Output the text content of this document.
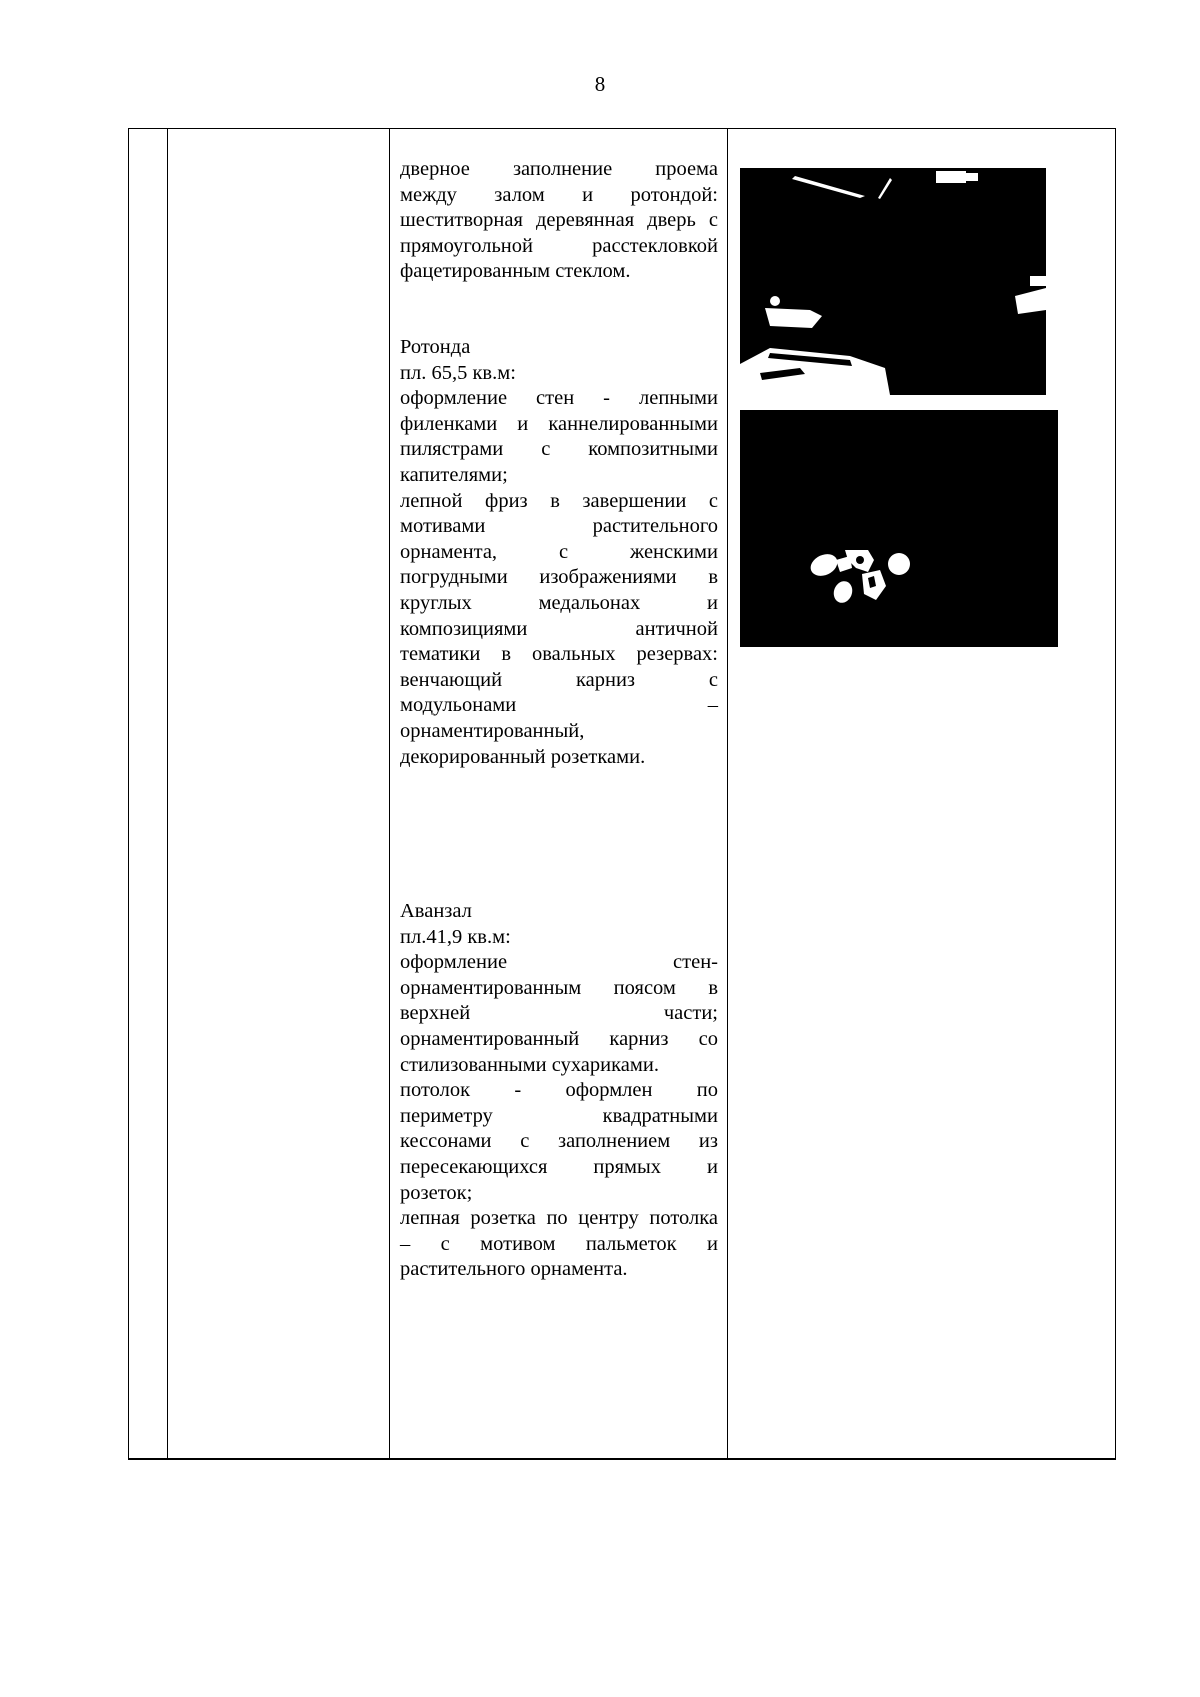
8

дверное заполнение проема

между залом и ротондой:

шеститворная деревянная дверь с

прямоугольной расстекловкой

фацетированным стеклом.

Ротонда

пл. 65,5 кв.м:

оформление стен - лепными

филенками и каннелированными

пилястрами с композитными

капителями;

лепной фриз в завершении с

мотивами растительного

орнамента, с женскими

погрудными изображениями в

круглых медальонах и

композициями античной

тематики в овальных резервах:

венчающий карниз с

модульонами –

орнаментированный,

декорированный розетками.

Аванзал

пл.41,9 кв.м:

оформление стен-

орнаментированным поясом в

верхней части;

орнаментированный карниз со

стилизованными сухариками.

потолок - оформлен по

периметру квадратными

кессонами с заполнением из

пересекающихся прямых и

розеток;

лепная розетка по центру потолка

– с мотивом пальметок и

растительного орнамента.
